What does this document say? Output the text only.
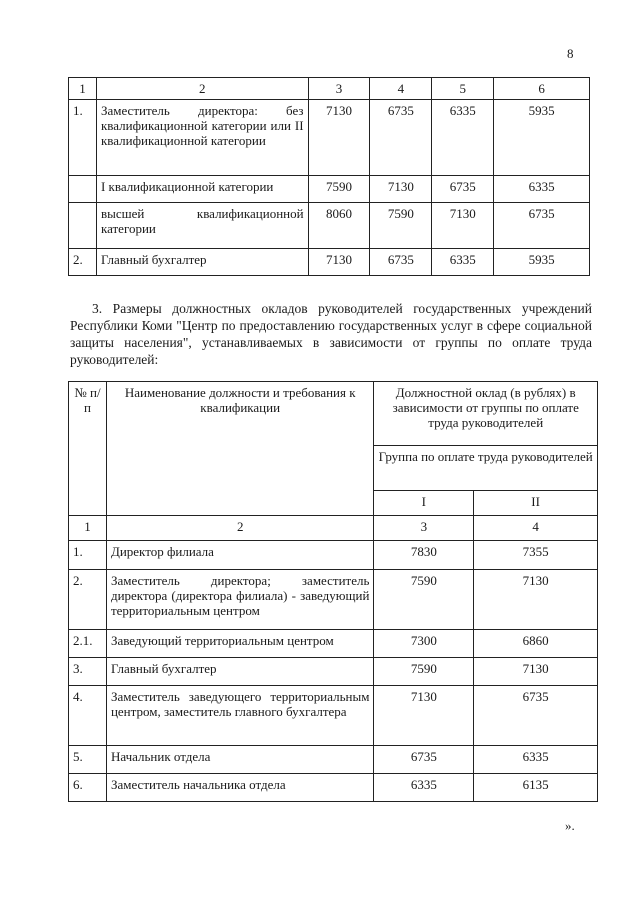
8
1	2	3	4	5	6
1.	Заместитель директора: без квалификационной категории или II квалификационной категории	7130	6735	6335	5935
	I квалификационной категории	7590	7130	6735	6335
	высшей квалификационной категории	8060	7590	7130	6735
2.	Главный бухгалтер	7130	6735	6335	5935
3. Размеры должностных окладов руководителей государственных учреждений Республики Коми "Центр по предоставлению государственных услуг в сфере социальной защиты населения", устанавливаемых в зависимости от группы по оплате труда руководителей:
№ п/п	Наименование должности и требования к квалификации	Должностной оклад (в рублях) в зависимости от группы по оплате труда руководителей	
		Группа по оплате труда руководителей	
		I	II
1	2	3	4
1.	Директор филиала	7830	7355
2.	Заместитель директора; заместитель директора (директора филиала) - заведующий территориальным центром	7590	7130
2.1.	Заведующий территориальным центром	7300	6860
3.	Главный бухгалтер	7590	7130
4.	Заместитель заведующего территориальным центром, заместитель главного бухгалтера	7130	6735
5.	Начальник отдела	6735	6335
6.	Заместитель начальника отдела	6335	6135
».
